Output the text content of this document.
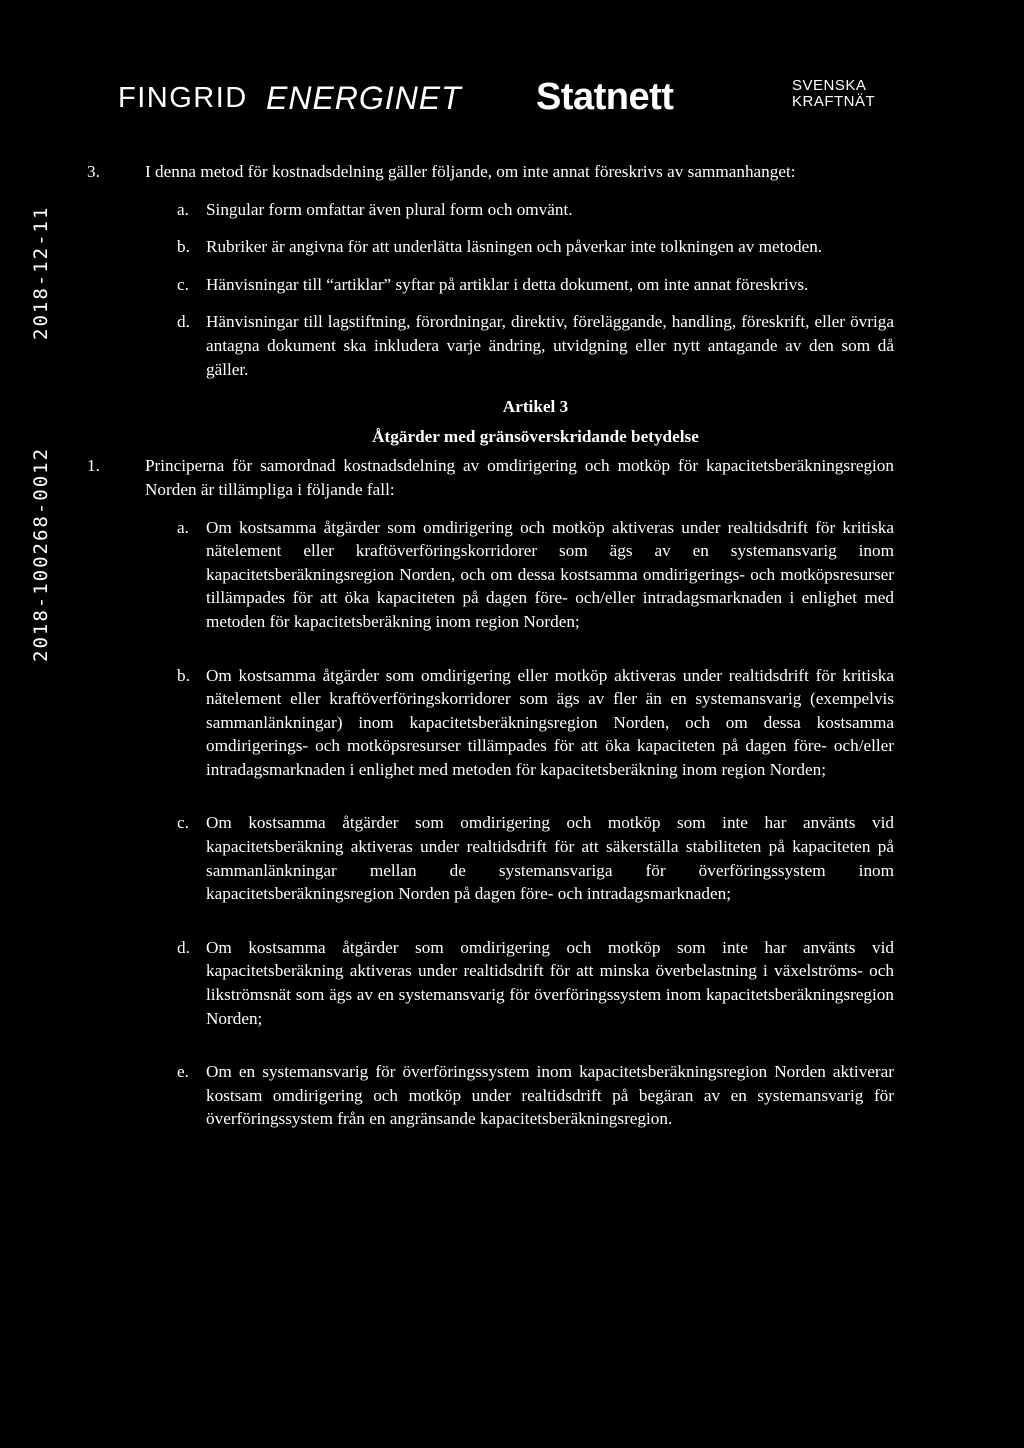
FINGRID ENERGINET Statnett	SVENSKA
KRAFTNÄT
2018-12-11
2018-100268-0012
3.	I denna metod för kostnadsdelning gäller följande, om inte annat föreskrivs av sammanhanget:
a. Singular form omfattar även plural form och omvänt.
b. Rubriker är angivna för att underlätta läsningen och påverkar inte tolkningen av metoden.
c. Hänvisningar till “artiklar” syftar på artiklar i detta dokument, om inte annat föreskrivs.
d. Hänvisningar till lagstiftning, förordningar, direktiv, föreläggande, handling, föreskrift, eller övriga antagna dokument ska inkludera varje ändring, utvidgning eller nytt antagande av den som då gäller.
Artikel 3
Åtgärder med gränsöverskridande betydelse
1.	Principerna för samordnad kostnadsdelning av omdirigering och motköp för kapacitetsberäkningsregion Norden är tillämpliga i följande fall:
a. Om kostsamma åtgärder som omdirigering och motköp aktiveras under realtidsdrift för kritiska nätelement eller kraftöverföringskorridorer som ägs av en systemansvarig inom kapacitetsberäkningsregion Norden, och om dessa kostsamma omdirigerings- och motköpsresurser tillämpades för att öka kapaciteten på dagen före- och/eller intradagsmarknaden i enlighet med metoden för kapacitetsberäkning inom region Norden;
b. Om kostsamma åtgärder som omdirigering eller motköp aktiveras under realtidsdrift för kritiska nätelement eller kraftöverföringskorridorer som ägs av fler än en systemansvarig (exempelvis sammanlänkningar) inom kapacitetsberäkningsregion Norden, och om dessa kostsamma omdirigerings- och motköpsresurser tillämpades för att öka kapaciteten på dagen före- och/eller intradagsmarknaden i enlighet med metoden för kapacitetsberäkning inom region Norden;
c. Om kostsamma åtgärder som omdirigering och motköp som inte har använts vid kapacitetsberäkning aktiveras under realtidsdrift för att säkerställa stabiliteten på kapaciteten på sammanlänkningar mellan de systemansvariga för överföringssystem inom kapacitetsberäkningsregion Norden på dagen före- och intradagsmarknaden;
d. Om kostsamma åtgärder som omdirigering och motköp som inte har använts vid kapacitetsberäkning aktiveras under realtidsdrift för att minska överbelastning i växelströms- och likströmsnät som ägs av en systemansvarig för överföringssystem inom kapacitetsberäkningsregion Norden;
e. Om en systemansvarig för överföringssystem inom kapacitetsberäkningsregion Norden aktiverar kostsam omdirigering och motköp under realtidsdrift på begäran av en systemansvarig för överföringssystem från en angränsande kapacitetsberäkningsregion.
